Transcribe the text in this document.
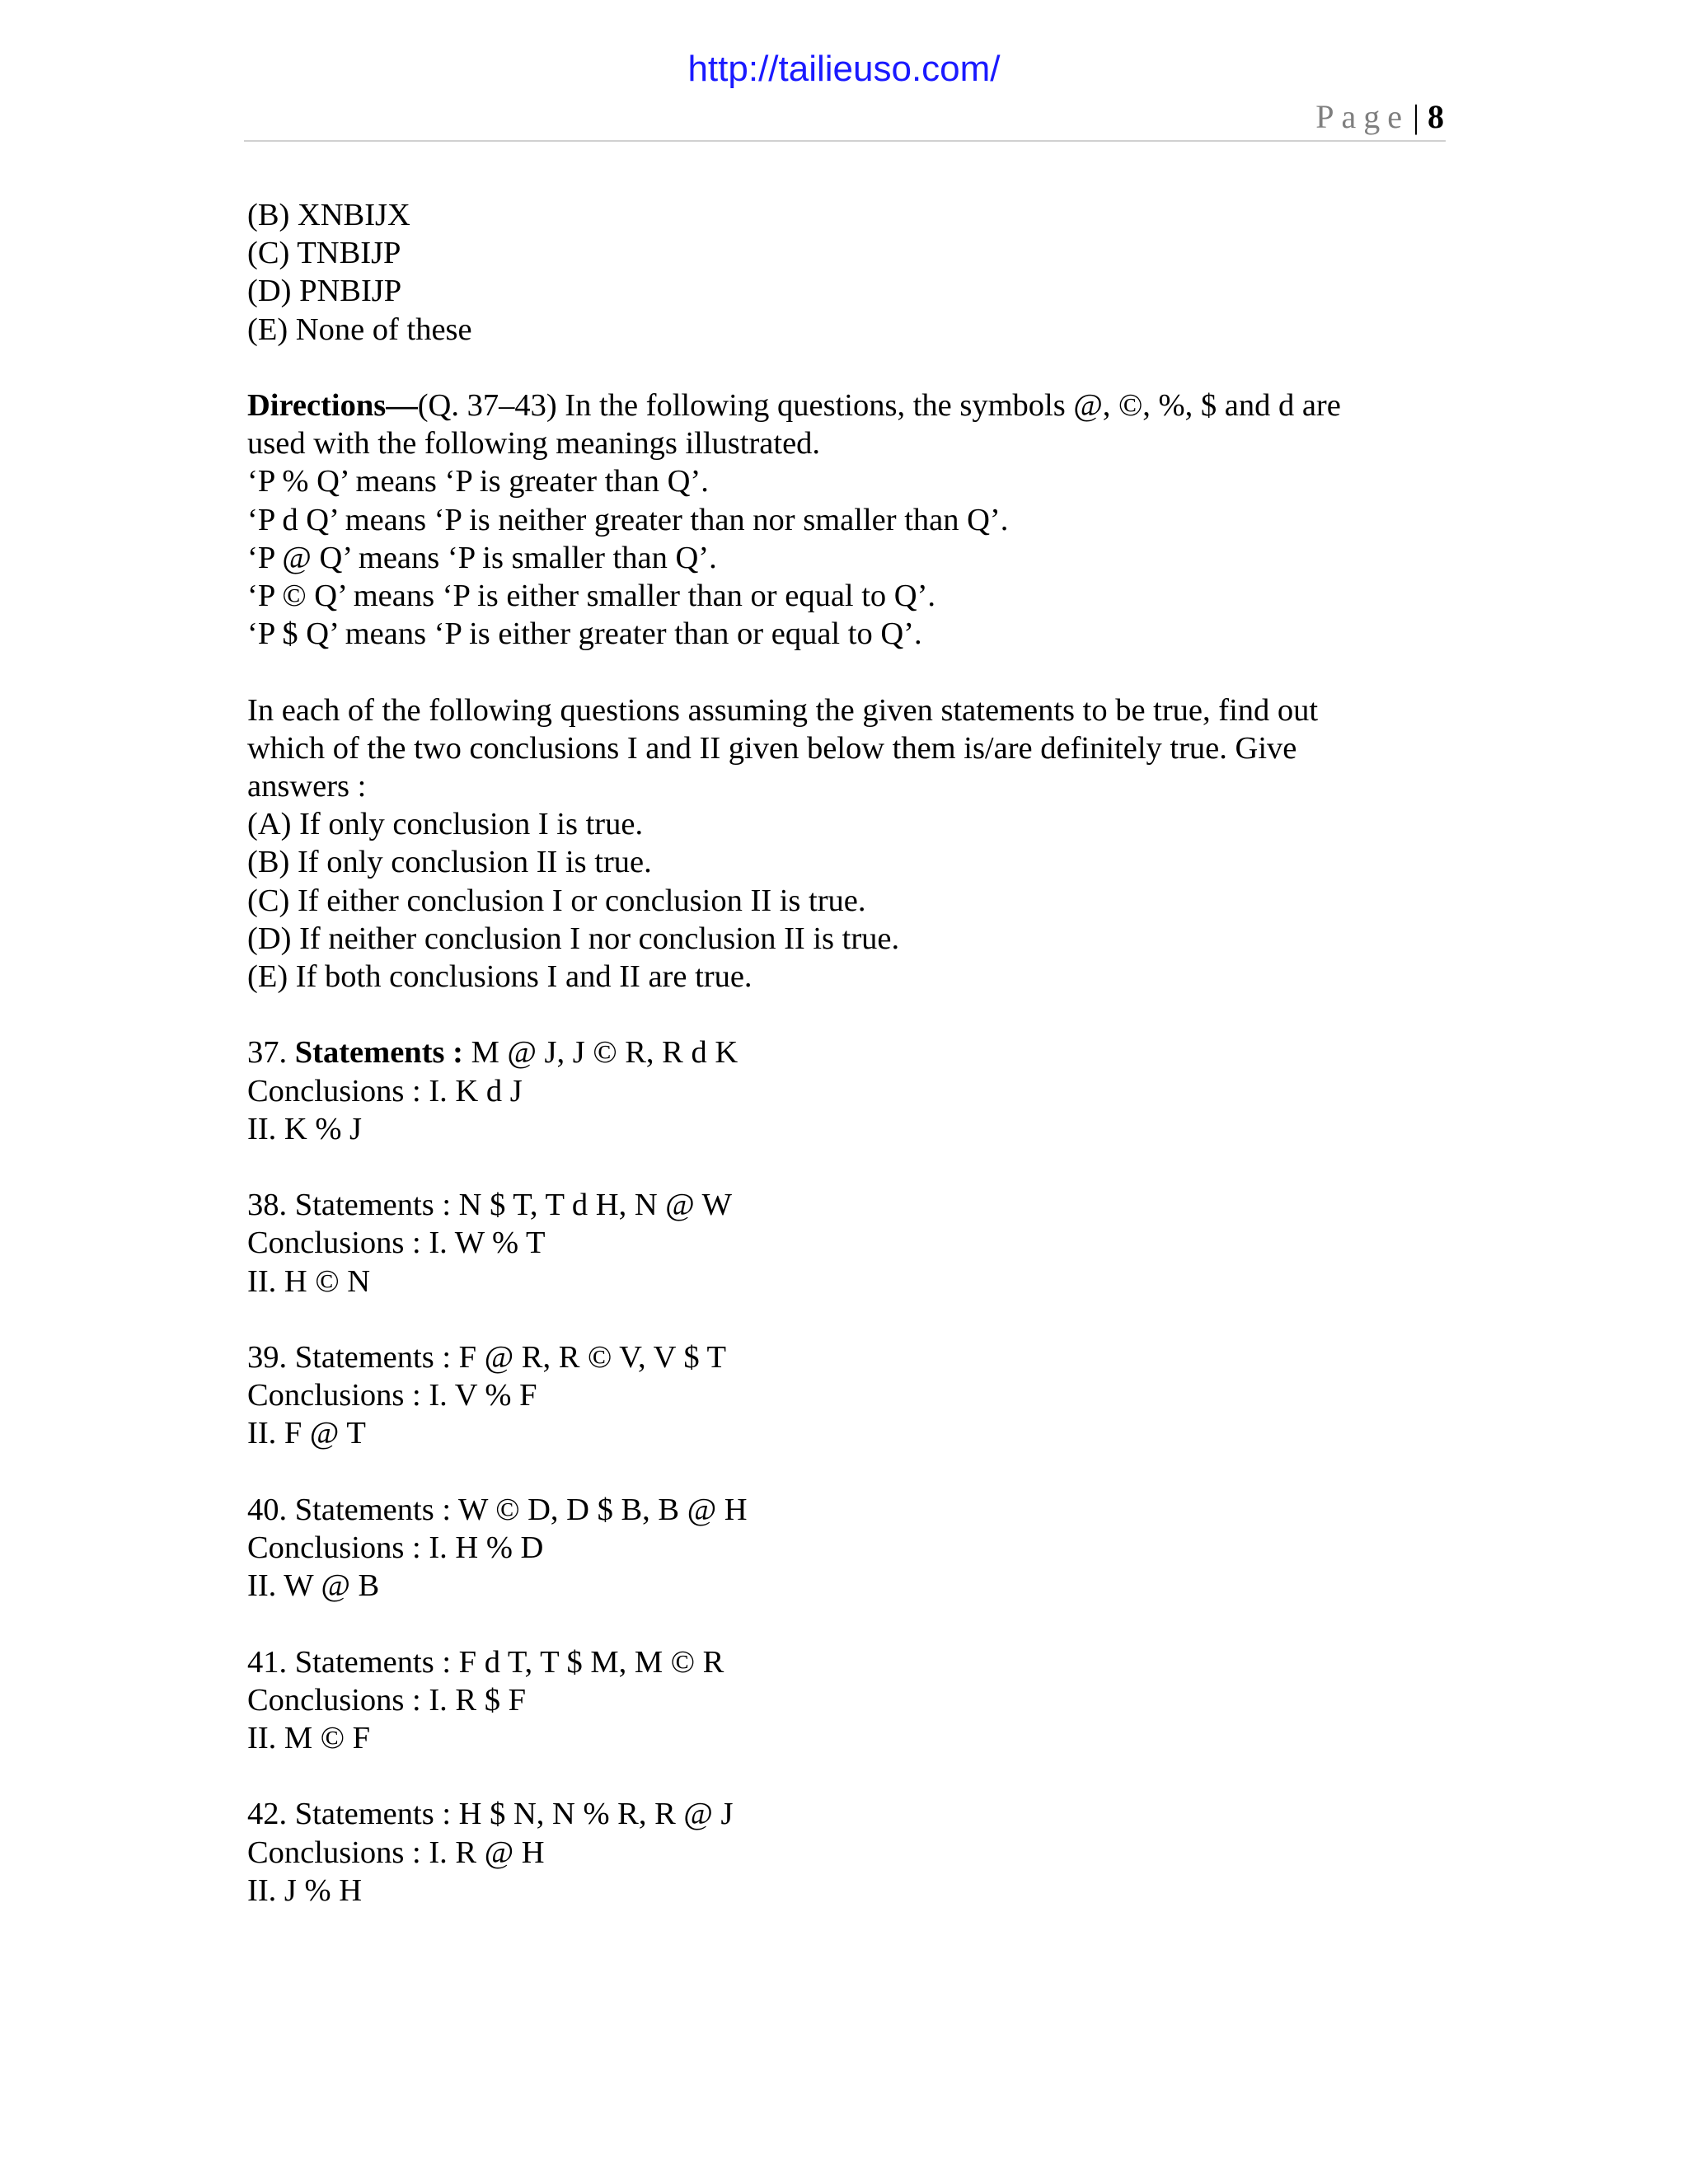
http://tailieuso.com/
Page | 8

(B) XNBIJX

(C) TNBIJP

(D) PNBIJP

(E) None of these

Directions—(Q. 37–43) In the following questions, the symbols @, ©, %, $ and d are

used with the following meanings illustrated.

‘P % Q’ means ‘P is greater than Q’.

‘P d Q’ means ‘P is neither greater than nor smaller than Q’.

‘P @ Q’ means ‘P is smaller than Q’.

‘P © Q’ means ‘P is either smaller than or equal to Q’.

‘P $ Q’ means ‘P is either greater than or equal to Q’.

In each of the following questions assuming the given statements to be true, find out

which of the two conclusions I and II given below them is/are definitely true. Give

answers :

(A) If only conclusion I is true.

(B) If only conclusion II is true.

(C) If either conclusion I or conclusion II is true.

(D) If neither conclusion I nor conclusion II is true.

(E) If both conclusions I and II are true.

37. Statements : M @ J, J © R, R d K

Conclusions : I. K d J

II. K % J

38. Statements : N $ T, T d H, N @ W

Conclusions : I. W % T

II. H © N

39. Statements : F @ R, R © V, V $ T

Conclusions : I. V % F

II. F @ T

40. Statements : W © D, D $ B, B @ H

Conclusions : I. H % D

II. W @ B

41. Statements : F d T, T $ M, M © R

Conclusions : I. R $ F

II. M © F

42. Statements : H $ N, N % R, R @ J

Conclusions : I. R @ H

II. J % H
